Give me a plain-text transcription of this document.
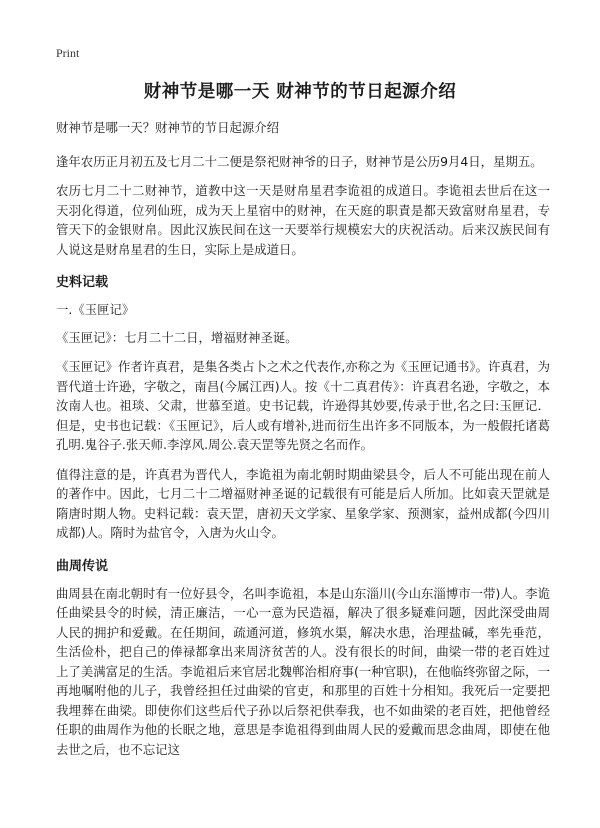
Print
财神节是哪一天 财神节的节日起源介绍

财神节是哪一天？财神节的节日起源介绍

逢年农历正月初五及七月二十二便是祭祀财神爷的日子，财神节是公历9月4日，星期五。

农历七月二十二财神节，道教中这一天是财帛星君李诡祖的成道日。李诡祖去世后在这一天羽化得道，位列仙班，成为天上星宿中的财神，在天庭的职責是都天致富财帛星君，专管天下的金银财帛。因此汉族民间在这一天要举行规模宏大的庆祝活动。后来汉族民间有人说这是财帛星君的生日，实际上是成道日。

史料记载

一.《玉匣记》

《玉匣记》：七月二十二日，增福财神圣诞。

《玉匣记》作者许真君，是集各类占卜之术之代表作,亦称之为《玉匣记通书》。许真君，为晋代道士许逊，字敬之，南昌(今属江西)人。按《十二真君传》：许真君名逊，字敬之，本汝南人也。祖琰、父肃，世慕至道。史书记载，许逊得其妙要,传录于世,名之曰:玉匣记．但是，史书也记载：《玉匣记》，后人或有增补,进而衍生出许多不同版本，为一般假托诸葛孔明.鬼谷子.张天师.李淳风.周公.袁天罡等先贤之名而作。

值得注意的是，许真君为晋代人，李诡祖为南北朝时期曲梁县令，后人不可能出现在前人的著作中。因此，七月二十二增福财神圣诞的记载很有可能是后人所加。比如袁天罡就是隋唐时期人物。史料记载：袁天罡，唐初天文学家、星象学家、预测家，益州成都(今四川成都)人。隋时为盐官令，入唐为火山令。

曲周传说

曲周县在南北朝时有一位好县令，名叫李诡祖，本是山东淄川(今山东淄博市一带)人。李诡任曲梁县令的时候，清正廉洁，一心一意为民造福，解决了很多疑难问题，因此深受曲周人民的拥护和爱戴。在任期间，疏通河道，修筑水渠，解决水患，治理盐碱，率先垂范，生活俭朴，把自己的俸禄都拿出来周济贫苦的人。没有很长的时间，曲梁一带的老百姓过上了美满富足的生活。李诡祖后来官居北魏郸治相府事(一种官职)，在他临终弥留之际，一再地嘱咐他的儿子，我曾经担任过曲梁的官吏，和那里的百姓十分相知。我死后一定要把我埋葬在曲梁。即使你们这些后代子孙以后祭祀供奉我，也不如曲梁的老百姓，把他曾经任职的曲周作为他的长眠之地，意思是李诡祖得到曲周人民的爱戴而思念曲周，即使在他去世之后，也不忘记这
